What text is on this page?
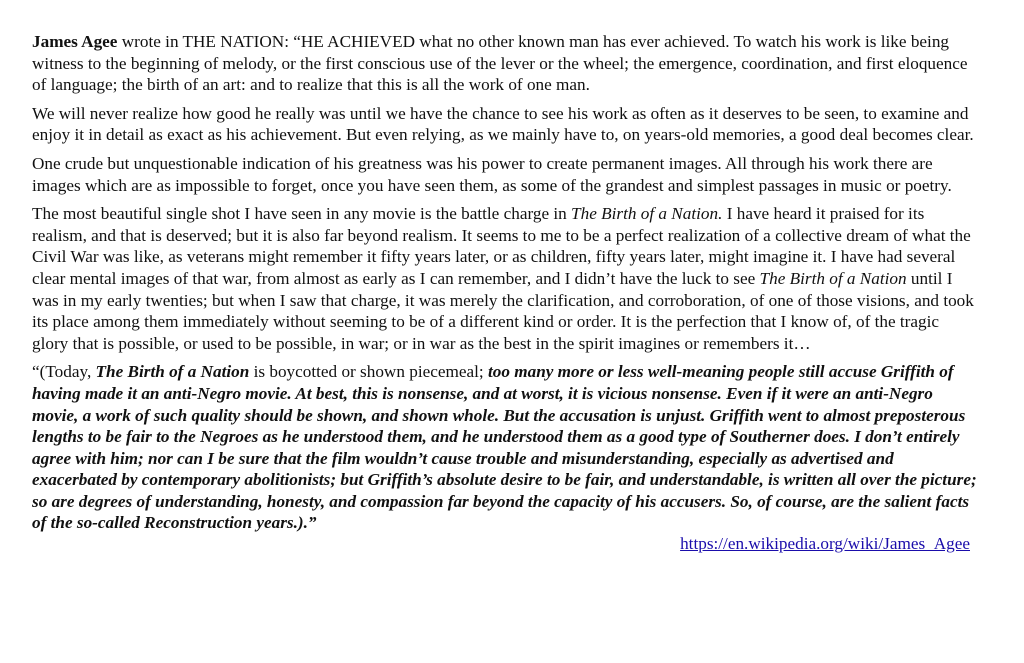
James Agee wrote in THE NATION: “HE ACHIEVED what no other known man has ever achieved. To watch his work is like being witness to the beginning of melody, or the first conscious use of the lever or the wheel; the emergence, coordination, and first eloquence of language; the birth of an art: and to realize that this is all the work of one man.

We will never realize how good he really was until we have the chance to see his work as often as it deserves to be seen, to examine and enjoy it in detail as exact as his achievement. But even relying, as we mainly have to, on years-old memories, a good deal becomes clear.

One crude but unquestionable indication of his greatness was his power to create permanent images. All through his work there are images which are as impossible to forget, once you have seen them, as some of the grandest and simplest passages in music or poetry.

The most beautiful single shot I have seen in any movie is the battle charge in The Birth of a Nation. I have heard it praised for its realism, and that is deserved; but it is also far beyond realism. It seems to me to be a perfect realization of a collective dream of what the Civil War was like, as veterans might remember it fifty years later, or as children, fifty years later, might imagine it. I have had several clear mental images of that war, from almost as early as I can remember, and I didn’t have the luck to see The Birth of a Nation until I was in my early twenties; but when I saw that charge, it was merely the clarification, and corroboration, of one of those visions, and took its place among them immediately without seeming to be of a different kind or order. It is the perfection that I know of, of the tragic glory that is possible, or used to be possible, in war; or in war as the best in the spirit imagines or remembers it…

“(Today, The Birth of a Nation is boycotted or shown piecemeal; too many more or less well-meaning people still accuse Griffith of having made it an anti-Negro movie. At best, this is nonsense, and at worst, it is vicious nonsense. Even if it were an anti-Negro movie, a work of such quality should be shown, and shown whole. But the accusation is unjust. Griffith went to almost preposterous lengths to be fair to the Negroes as he understood them, and he understood them as a good type of Southerner does. I don’t entirely agree with him; nor can I be sure that the film wouldn’t cause trouble and misunderstanding, especially as advertised and exacerbated by contemporary abolitionists; but Griffith’s absolute desire to be fair, and understandable, is written all over the picture; so are degrees of understanding, honesty, and compassion far beyond the capacity of his accusers. So, of course, are the salient facts of the so-called Reconstruction years.).”

https://en.wikipedia.org/wiki/James_Agee
